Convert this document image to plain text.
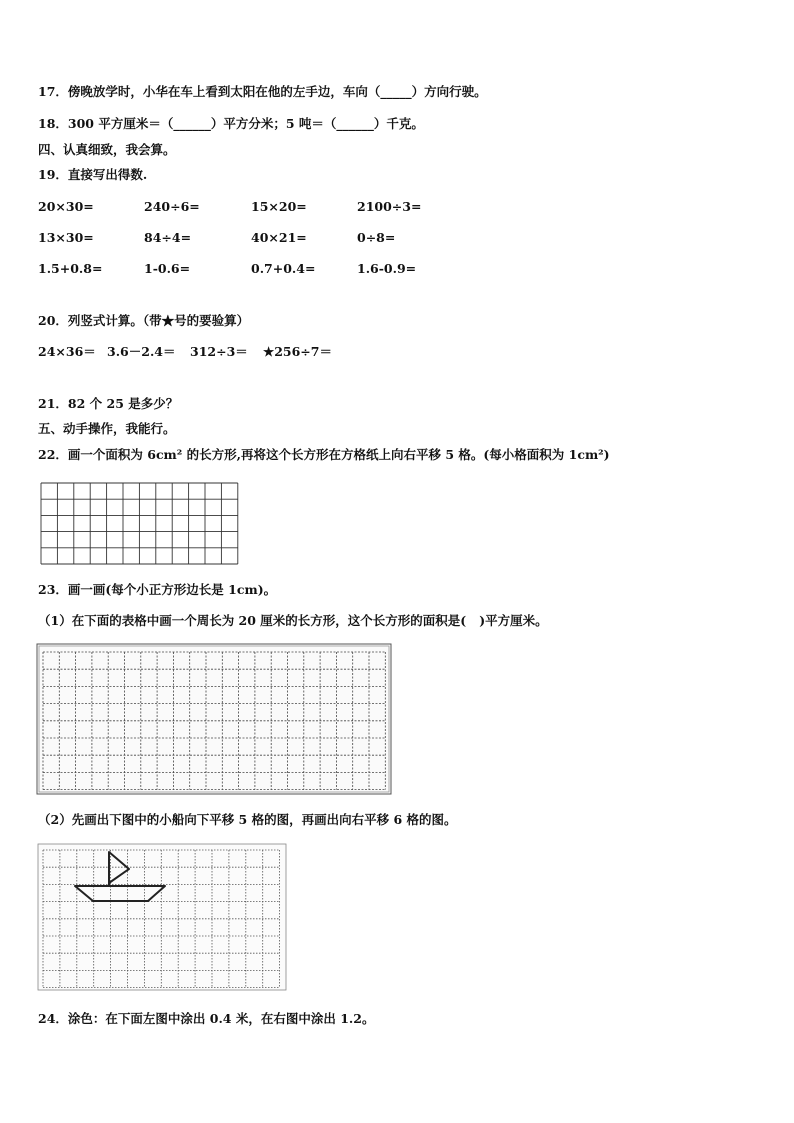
17．傍晚放学时，小华在车上看到太阳在他的左手边，车向（_____）方向行驶。
18．300 平方厘米＝（______）平方分米；5 吨＝（______）千克。
四、认真细致，我会算。
19．直接写出得数.
20×30=	240÷6=	15×20=	2100÷3=
13×30=	84÷4=	40×21=	0÷8=
1.5+0.8=	1-0.6=	0.7+0.4=	1.6-0.9=
20．列竖式计算。（带★号的要验算）
24×36＝ 3.6－2.4＝ 312÷3＝ ★256÷7＝
21．82 个 25 是多少？
五、动手操作，我能行。
22．画一个面积为 6cm² 的长方形,再将这个长方形在方格纸上向右平移 5 格。(每小格面积为 1cm²)
23．画一画(每个小正方形边长是 1cm)。
（1）在下面的表格中画一个周长为 20 厘米的长方形，这个长方形的面积是(   )平方厘米。
（2）先画出下图中的小船向下平移 5 格的图，再画出向右平移 6 格的图。
24．涂色：在下面左图中涂出 0.4 米，在右图中涂出 1.2。
